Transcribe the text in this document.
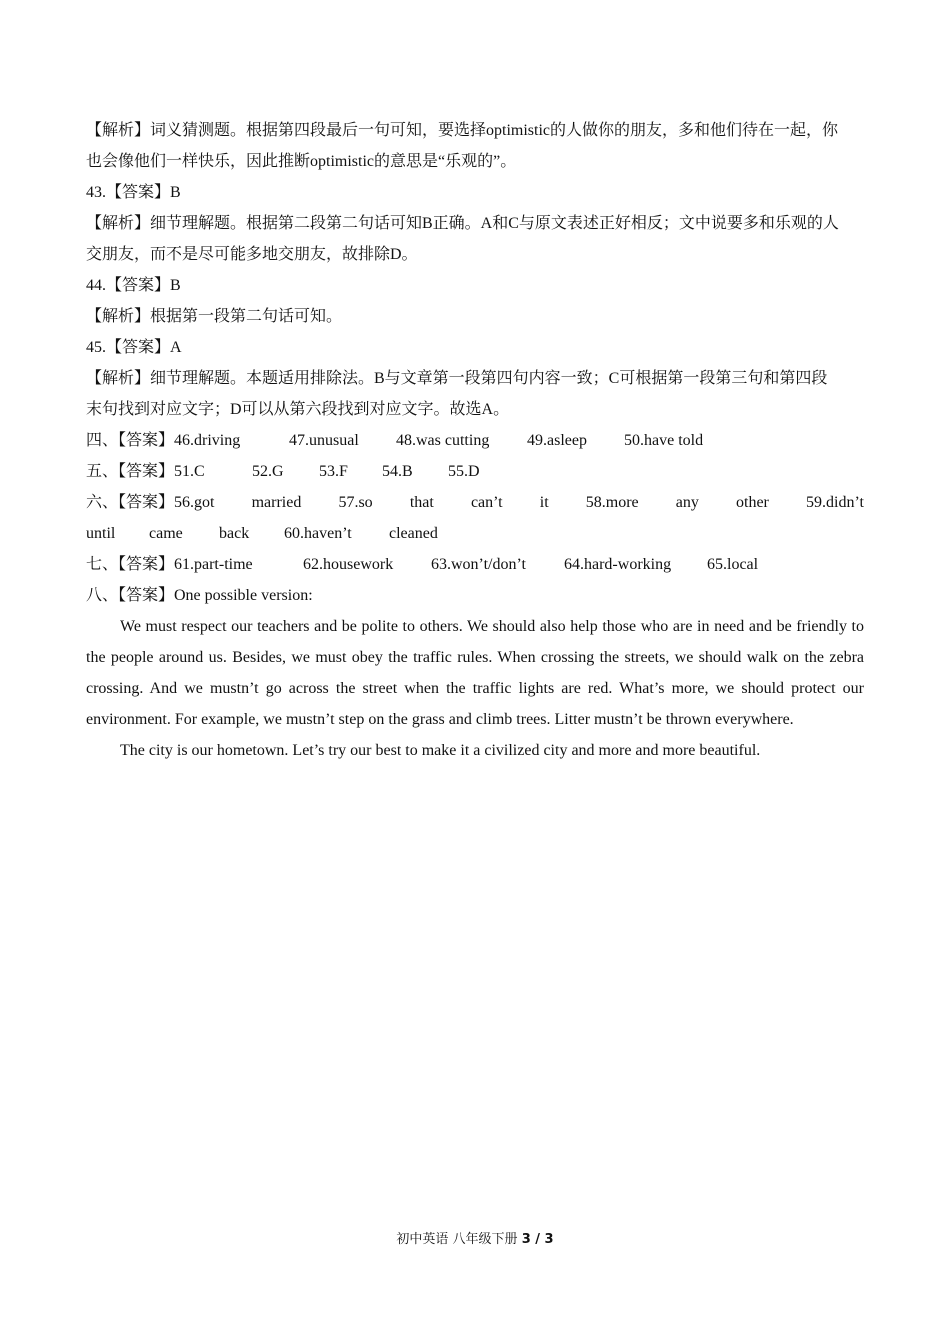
【解析】词义猜测题。根据第四段最后一句可知，要选择optimistic的人做你的朋友，多和他们待在一起，你
也会像他们一样快乐，因此推断optimistic的意思是“乐观的”。
43.【答案】B
【解析】细节理解题。根据第二段第二句话可知B正确。A和C与原文表述正好相反；文中说要多和乐观的人
交朋友，而不是尽可能多地交朋友，故排除D。
44.【答案】B
【解析】根据第一段第二句话可知。
45.【答案】A
【解析】细节理解题。本题适用排除法。B与文章第一段第四句内容一致；C可根据第一段第三句和第四段
末句找到对应文字；D可以从第六段找到对应文字。故选A。
四、【答案】46.driving	47.unusual	48.was cutting	49.asleep	50.have told
五、【答案】51.C	52.G	53.F	54.B	55.D
六、【答案】56.got married 57.so that can’t it 58.more any other 59.didn’t
until	came	back	60.haven’t	cleaned
七、【答案】61.part-time	62.housework	63.won’t/don’t	64.hard-working	65.local
八、【答案】One possible version:

We must respect our teachers and be polite to others. We should also help those who are in need and be friendly to the people around us. Besides, we must obey the traffic rules. When crossing the streets, we should walk on the zebra crossing. And we mustn’t go across the street when the traffic lights are red. What’s more, we should protect our environment. For example, we mustn’t step on the grass and climb trees. Litter mustn’t be thrown everywhere.

The city is our hometown. Let’s try our best to make it a civilized city and more and more beautiful.

初中英语 八年级下册 3 / 3
